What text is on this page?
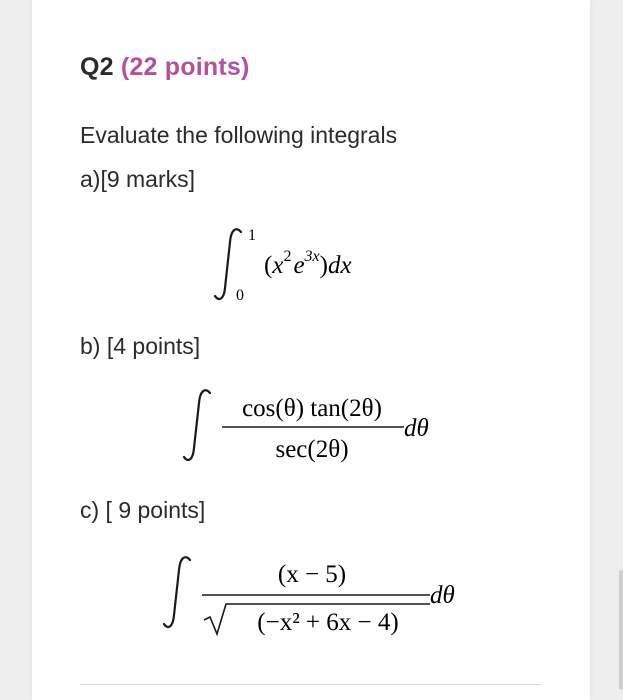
Q2 (22 points)
Evaluate the following integrals
a)[9 marks]
1
0
$(x^2e^{3x})dx$
b) [4 points]
cos(θ) tan(2θ)
sec(2θ)
dθ
c) [ 9 points]
(x − 5)
(−x² + 6x − 4)
dθ
